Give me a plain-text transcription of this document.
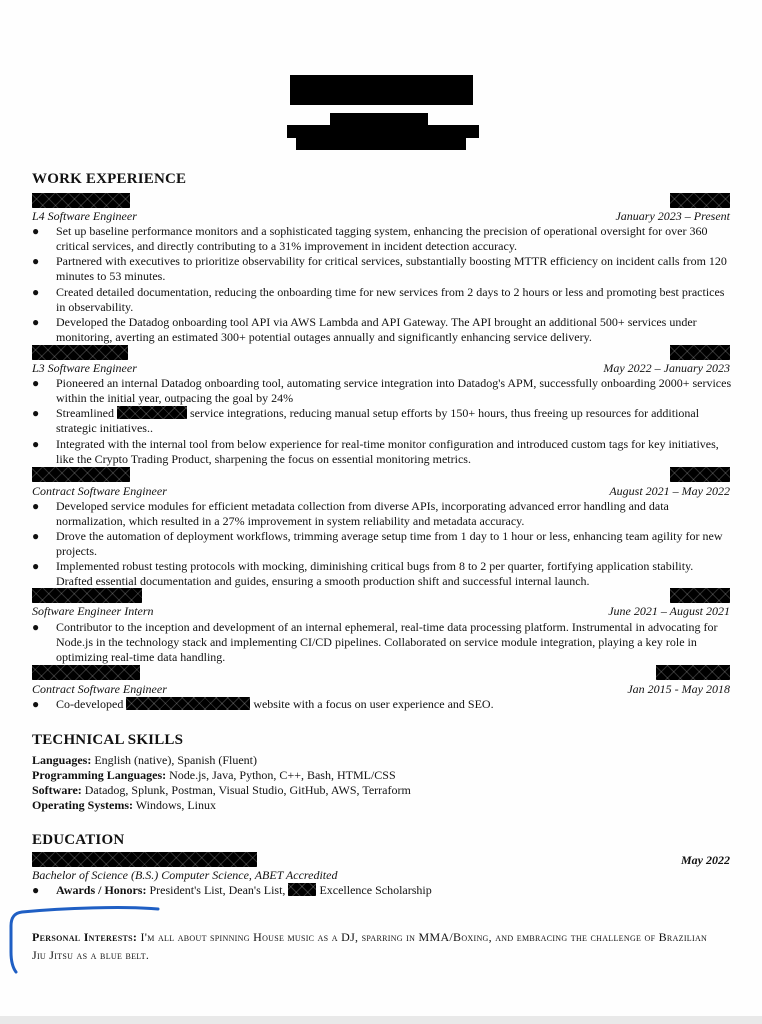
WORK EXPERIENCE
L4 Software Engineer	January 2023 – Present
● Set up baseline performance monitors and a sophisticated tagging system, enhancing the precision of operational oversight for over 360 critical services, and directly contributing to a 31% improvement in incident detection accuracy.
● Partnered with executives to prioritize observability for critical services, substantially boosting MTTR efficiency on incident calls from 120 minutes to 53 minutes.
● Created detailed documentation, reducing the onboarding time for new services from 2 days to 2 hours or less and promoting best practices in observability.
● Developed the Datadog onboarding tool API via AWS Lambda and API Gateway. The API brought an additional 500+ services under monitoring, averting an estimated 300+ potential outages annually and significantly enhancing service delivery.
L3 Software Engineer	May 2022 – January 2023
● Pioneered an internal Datadog onboarding tool, automating service integration into Datadog's APM, successfully onboarding 2000+ services within the initial year, outpacing the goal by 24%
● Streamlined	service integrations, reducing manual setup efforts by 150+ hours, thus freeing up resources for additional strategic initiatives..
● Integrated with the internal tool from below experience for real-time monitor configuration and introduced custom tags for key initiatives, like the Crypto Trading Product, sharpening the focus on essential monitoring metrics.
Contract Software Engineer	August 2021 – May 2022
● Developed service modules for efficient metadata collection from diverse APIs, incorporating advanced error handling and data normalization, which resulted in a 27% improvement in system reliability and metadata accuracy.
● Drove the automation of deployment workflows, trimming average setup time from 1 day to 1 hour or less, enhancing team agility for new projects.
● Implemented robust testing protocols with mocking, diminishing critical bugs from 8 to 2 per quarter, fortifying application stability. Drafted essential documentation and guides, ensuring a smooth production shift and successful internal launch.
Software Engineer Intern	June 2021 – August 2021
● Contributor to the inception and development of an internal ephemeral, real-time data processing platform. Instrumental in advocating for Node.js in the technology stack and implementing CI/CD pipelines. Collaborated on service module integration, playing a key role in optimizing real-time data handling.
Contract Software Engineer	Jan 2015 - May 2018
● Co-developed	website with a focus on user experience and SEO.
TECHNICAL SKILLS
Languages: English (native), Spanish (Fluent)
Programming Languages: Node.js, Java, Python, C++, Bash, HTML/CSS
Software: Datadog, Splunk, Postman, Visual Studio, GitHub, AWS, Terraform
Operating Systems: Windows, Linux
EDUCATION
May 2022
Bachelor of Science (B.S.) Computer Science, ABET Accredited
● Awards / Honors: President's List, Dean's List,	Excellence Scholarship
Personal Interests: I'm all about spinning House music as a DJ, sparring in MMA/Boxing, and embracing the challenge of Brazilian Jiu Jitsu as a blue belt.
